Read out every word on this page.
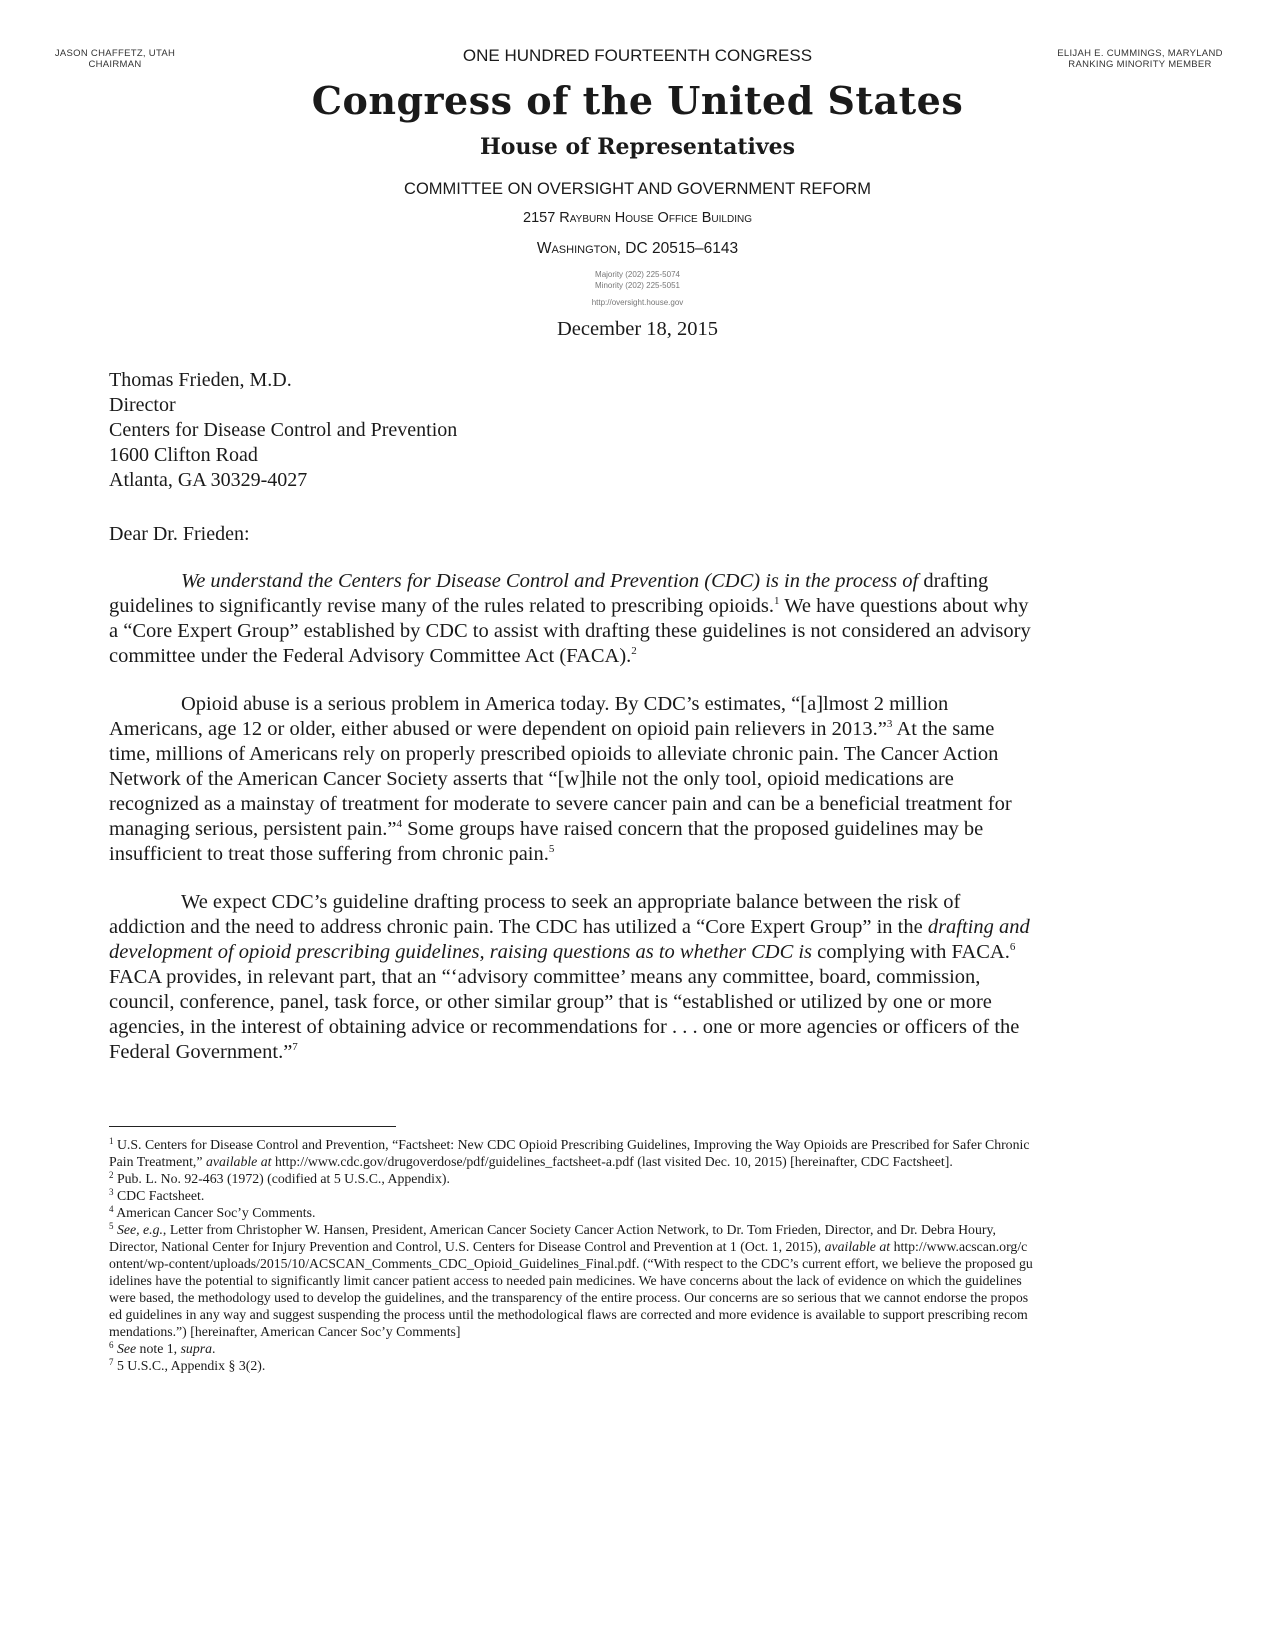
JASON CHAFFETZ, UTAH
CHAIRMAN
ELIJAH E. CUMMINGS, MARYLAND
RANKING MINORITY MEMBER
ONE HUNDRED FOURTEENTH CONGRESS
Congress of the United States
House of Representatives
COMMITTEE ON OVERSIGHT AND GOVERNMENT REFORM
2157 Rayburn House Office Building
Washington, DC 20515–6143
Majority (202) 225-5074
Minority (202) 225-5051
http://oversight.house.gov
December 18, 2015
Thomas Frieden, M.D.
Director
Centers for Disease Control and Prevention
1600 Clifton Road
Atlanta, GA 30329-4027
Dear Dr. Frieden:
We understand the Centers for Disease Control and Prevention (CDC) is in the process of drafting guidelines to significantly revise many of the rules related to prescribing opioids.$^1$ We have questions about why a “Core Expert Group” established by CDC to assist with drafting these guidelines is not considered an advisory committee under the Federal Advisory Committee Act (FACA).$^2$
Opioid abuse is a serious problem in America today. By CDC’s estimates, “[a]lmost 2 million Americans, age 12 or older, either abused or were dependent on opioid pain relievers in 2013.”$^3$ At the same time, millions of Americans rely on properly prescribed opioids to alleviate chronic pain. The Cancer Action Network of the American Cancer Society asserts that “[w]hile not the only tool, opioid medications are recognized as a mainstay of treatment for moderate to severe cancer pain and can be a beneficial treatment for managing serious, persistent pain.”$^4$ Some groups have raised concern that the proposed guidelines may be insufficient to treat those suffering from chronic pain.$^5$
We expect CDC’s guideline drafting process to seek an appropriate balance between the risk of addiction and the need to address chronic pain. The CDC has utilized a “Core Expert Group” in the drafting and development of opioid prescribing guidelines, raising questions as to whether CDC is complying with FACA.$^6$ FACA provides, in relevant part, that an “‘advisory committee’ means any committee, board, commission, council, conference, panel, task force, or other similar group” that is “established or utilized by one or more agencies, in the interest of obtaining advice or recommendations for . . . one or more agencies or officers of the Federal Government.”$^7$
$^1$ U.S. Centers for Disease Control and Prevention, “Factsheet: New CDC Opioid Prescribing Guidelines, Improving the Way Opioids are Prescribed for Safer Chronic Pain Treatment,” available at http://www.cdc.gov/drugoverdose/pdf/guidelines_factsheet-a.pdf (last visited Dec. 10, 2015) [hereinafter, CDC Factsheet].
$^2$ Pub. L. No. 92-463 (1972) (codified at 5 U.S.C., Appendix).
$^3$ CDC Factsheet.
$^4$ American Cancer Soc’y Comments.
$^5$ See, e.g., Letter from Christopher W. Hansen, President, American Cancer Society Cancer Action Network, to Dr. Tom Frieden, Director, and Dr. Debra Houry, Director, National Center for Injury Prevention and Control, U.S. Centers for Disease Control and Prevention at 1 (Oct. 1, 2015), available at http://www.acscan.org/content/wp-content/uploads/2015/10/ACSCAN_Comments_CDC_Opioid_Guidelines_Final.pdf. (“With respect to the CDC’s current effort, we believe the proposed guidelines have the potential to significantly limit cancer patient access to needed pain medicines. We have concerns about the lack of evidence on which the guidelines were based, the methodology used to develop the guidelines, and the transparency of the entire process. Our concerns are so serious that we cannot endorse the proposed guidelines in any way and suggest suspending the process until the methodological flaws are corrected and more evidence is available to support prescribing recommendations.”) [hereinafter, American Cancer Soc’y Comments]
$^6$ See note 1, supra.
$^7$ 5 U.S.C., Appendix § 3(2).
